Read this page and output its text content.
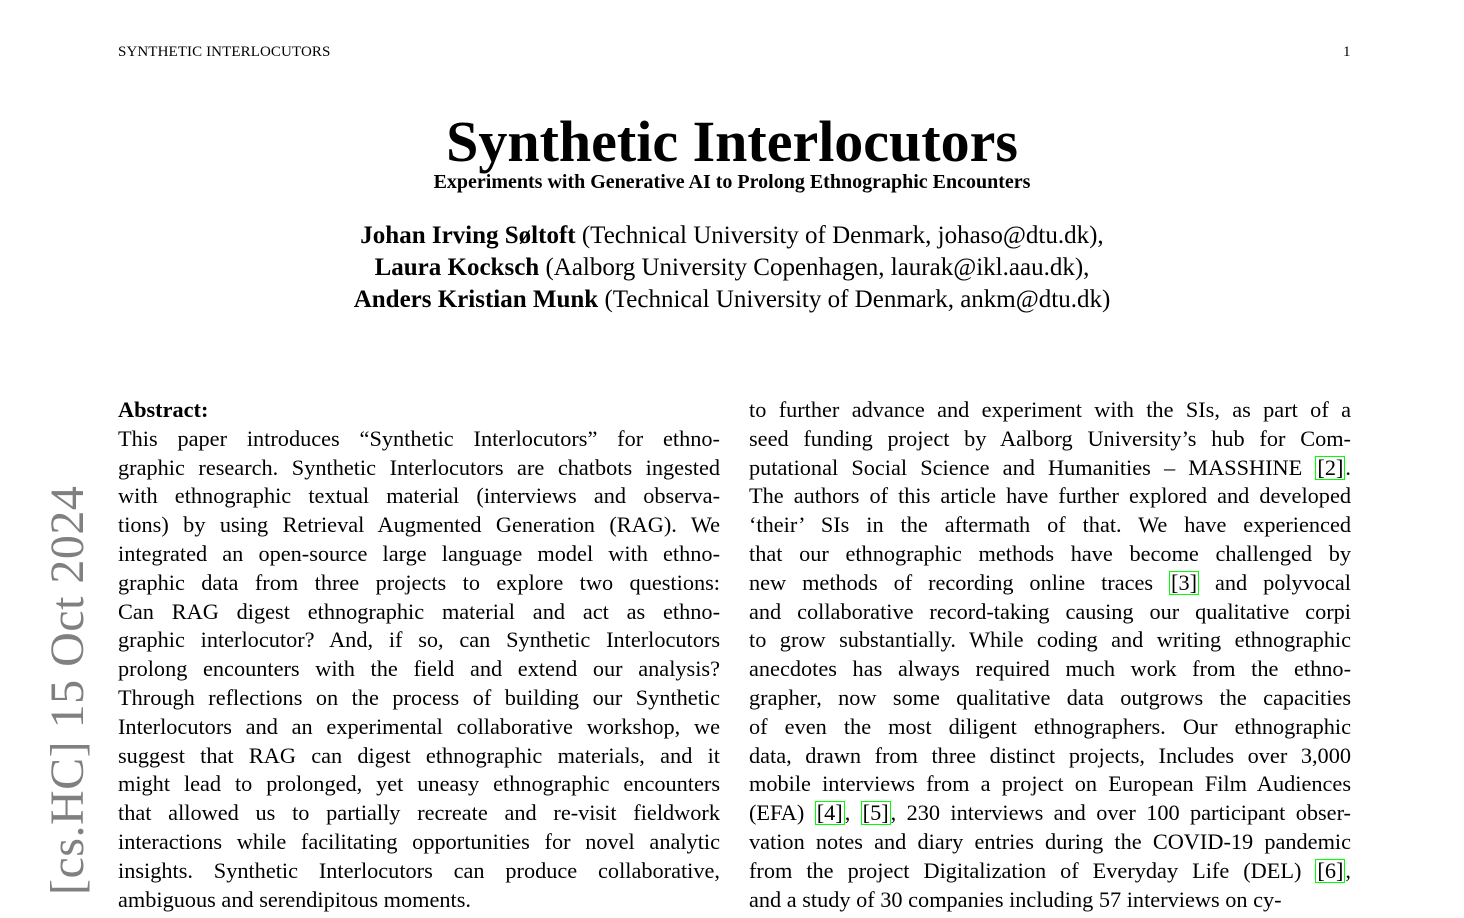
SYNTHETIC INTERLOCUTORS	1
[cs.HC] 15 Oct 2024
Synthetic Interlocutors
Experiments with Generative AI to Prolong Ethnographic Encounters
Johan Irving Søltoft (Technical University of Denmark, johaso@dtu.dk),
Laura Kocksch (Aalborg University Copenhagen, laurak@ikl.aau.dk),
Anders Kristian Munk (Technical University of Denmark, ankm@dtu.dk)
Abstract:
This paper introduces “Synthetic Interlocutors” for ethno-
graphic research. Synthetic Interlocutors are chatbots ingested
with ethnographic textual material (interviews and observa-
tions) by using Retrieval Augmented Generation (RAG). We
integrated an open-source large language model with ethno-
graphic data from three projects to explore two questions:
Can RAG digest ethnographic material and act as ethno-
graphic interlocutor? And, if so, can Synthetic Interlocutors
prolong encounters with the field and extend our analysis?
Through reflections on the process of building our Synthetic
Interlocutors and an experimental collaborative workshop, we
suggest that RAG can digest ethnographic materials, and it
might lead to prolonged, yet uneasy ethnographic encounters
that allowed us to partially recreate and re-visit fieldwork
interactions while facilitating opportunities for novel analytic
insights. Synthetic Interlocutors can produce collaborative,
ambiguous and serendipitous moments.
to further advance and experiment with the SIs, as part of a
seed funding project by Aalborg University’s hub for Com-
putational Social Science and Humanities – MASSHINE [2].
The authors of this article have further explored and developed
‘their’ SIs in the aftermath of that. We have experienced
that our ethnographic methods have become challenged by
new methods of recording online traces [3] and polyvocal
and collaborative record-taking causing our qualitative corpi
to grow substantially. While coding and writing ethnographic
anecdotes has always required much work from the ethno-
grapher, now some qualitative data outgrows the capacities
of even the most diligent ethnographers. Our ethnographic
data, drawn from three distinct projects, Includes over 3,000
mobile interviews from a project on European Film Audiences
(EFA) [4], [5], 230 interviews and over 100 participant obser-
vation notes and diary entries during the COVID-19 pandemic
from the project Digitalization of Everyday Life (DEL) [6],
and a study of 30 companies including 57 interviews on cy-
